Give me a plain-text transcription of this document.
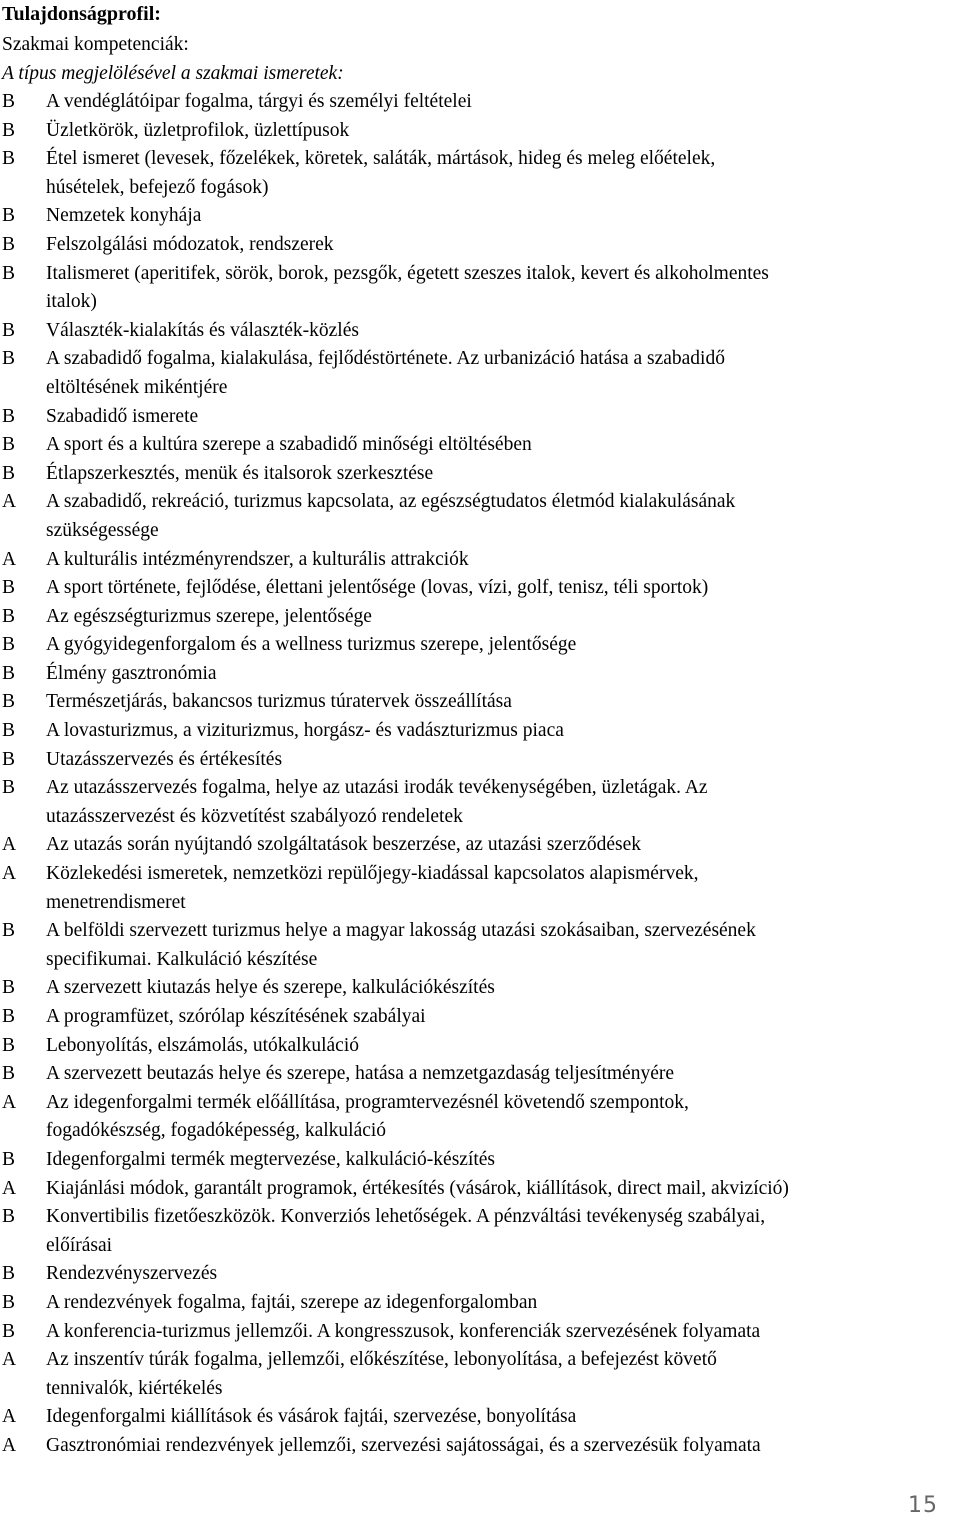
Tulajdonságprofil:
Szakmai kompetenciák:
A típus megjelölésével a szakmai ismeretek:
B	A vendéglátóipar fogalma, tárgyi és személyi feltételei
B	Üzletkörök, üzletprofilok, üzlettípusok
B	Étel ismeret (levesek, főzelékek, köretek, saláták, mártások, hideg és meleg előételek,
húsételek, befejező fogások)
B	Nemzetek konyhája
B	Felszolgálási módozatok, rendszerek
B	Italismeret (aperitifek, sörök, borok, pezsgők, égetett szeszes italok, kevert és alkoholmentes
italok)
B	Választék-kialakítás és választék-közlés
B	A szabadidő fogalma, kialakulása, fejlődéstörténete. Az urbanizáció hatása a szabadidő
eltöltésének mikéntjére
B	Szabadidő ismerete
B	A sport és a kultúra szerepe a szabadidő minőségi eltöltésében
B	Étlapszerkesztés, menük és italsorok szerkesztése
A	A szabadidő, rekreáció, turizmus kapcsolata, az egészségtudatos életmód kialakulásának
szükségessége
A	A kulturális intézményrendszer, a kulturális attrakciók
B	A sport története, fejlődése, élettani jelentősége (lovas, vízi, golf, tenisz, téli sportok)
B	Az egészségturizmus szerepe, jelentősége
B	A gyógyidegenforgalom és a wellness turizmus szerepe, jelentősége
B	Élmény gasztronómia
B	Természetjárás, bakancsos turizmus túratervek összeállítása
B	A lovasturizmus, a viziturizmus, horgász- és vadászturizmus piaca
B	Utazásszervezés és értékesítés
B	Az utazásszervezés fogalma, helye az utazási irodák tevékenységében, üzletágak. Az
utazásszervezést és közvetítést szabályozó rendeletek
A	Az utazás során nyújtandó szolgáltatások beszerzése, az utazási szerződések
A	Közlekedési ismeretek, nemzetközi repülőjegy-kiadással kapcsolatos alapismérvek,
menetrendismeret
B	A belföldi szervezett turizmus helye a magyar lakosság utazási szokásaiban, szervezésének
specifikumai. Kalkuláció készítése
B	A szervezett kiutazás helye és szerepe, kalkulációkészítés
B	A programfüzet, szórólap készítésének szabályai
B	Lebonyolítás, elszámolás, utókalkuláció
B	A szervezett beutazás helye és szerepe, hatása a nemzetgazdaság teljesítményére
A	Az idegenforgalmi termék előállítása, programtervezésnél követendő szempontok,
fogadókészség, fogadóképesség, kalkuláció
B	Idegenforgalmi termék megtervezése, kalkuláció-készítés
A	Kiajánlási módok, garantált programok, értékesítés (vásárok, kiállítások, direct mail, akvizíció)
B	Konvertibilis fizetőeszközök. Konverziós lehetőségek. A pénzváltási tevékenység szabályai,
előírásai
B	Rendezvényszervezés
B	A rendezvények fogalma, fajtái, szerepe az idegenforgalomban
B	A konferencia-turizmus jellemzői. A kongresszusok, konferenciák szervezésének folyamata
A	Az inszentív túrák fogalma, jellemzői, előkészítése, lebonyolítása, a befejezést követő
tennivalók, kiértékelés
A	Idegenforgalmi kiállítások és vásárok fajtái, szervezése, bonyolítása
A	Gasztronómiai rendezvények jellemzői, szervezési sajátosságai, és a szervezésük folyamata
15
